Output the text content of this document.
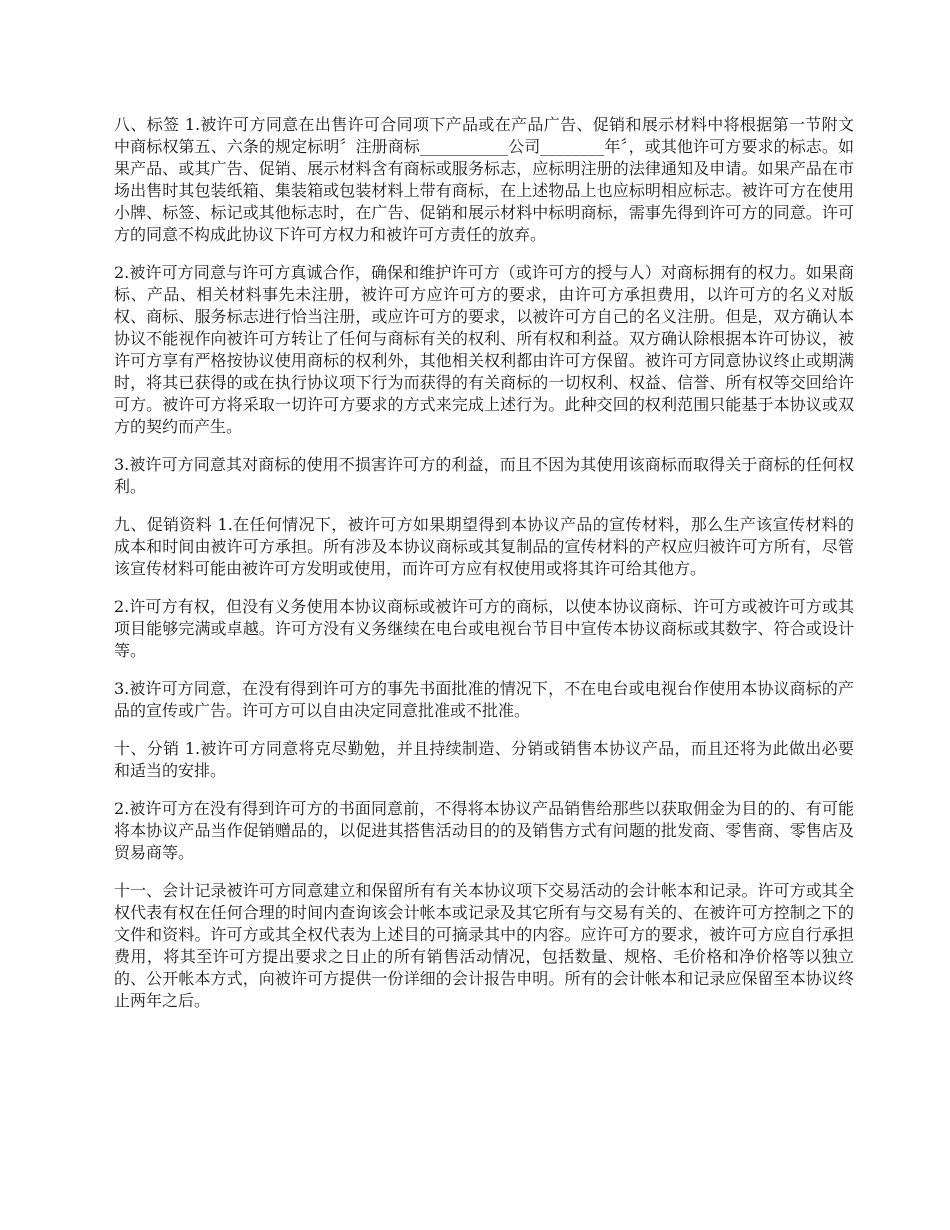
八、标签 1.被许可方同意在出售许可合同项下产品或在产品广告、促销和展示材料中将根据第一节附文中商标权第五、六条的规定标明〞注册商标___________公司________年〞，或其他许可方要求的标志。如果产品、或其广告、促销、展示材料含有商标或服务标志，应标明注册的法律通知及申请。如果产品在市场出售时其包装纸箱、集装箱或包装材料上带有商标，在上述物品上也应标明相应标志。被许可方在使用小牌、标签、标记或其他标志时，在广告、促销和展示材料中标明商标，需事先得到许可方的同意。许可方的同意不构成此协议下许可方权力和被许可方责任的放弃。

2.被许可方同意与许可方真诚合作，确保和维护许可方（或许可方的授与人）对商标拥有的权力。如果商标、产品、相关材料事先未注册，被许可方应许可方的要求，由许可方承担费用，以许可方的名义对版权、商标、服务标志进行恰当注册，或应许可方的要求，以被许可方自己的名义注册。但是，双方确认本协议不能视作向被许可方转让了任何与商标有关的权利、所有权和利益。双方确认除根据本许可协议，被许可方享有严格按协议使用商标的权利外，其他相关权利都由许可方保留。被许可方同意协议终止或期满时，将其已获得的或在执行协议项下行为而获得的有关商标的一切权利、权益、信誉、所有权等交回给许可方。被许可方将采取一切许可方要求的方式来完成上述行为。此种交回的权利范围只能基于本协议或双方的契约而产生。

3.被许可方同意其对商标的使用不损害许可方的利益，而且不因为其使用该商标而取得关于商标的任何权利。

九、促销资料 1.在任何情况下，被许可方如果期望得到本协议产品的宣传材料，那么生产该宣传材料的成本和时间由被许可方承担。所有涉及本协议商标或其复制品的宣传材料的产权应归被许可方所有，尽管该宣传材料可能由被许可方发明或使用，而许可方应有权使用或将其许可给其他方。

2.许可方有权，但没有义务使用本协议商标或被许可方的商标，以使本协议商标、许可方或被许可方或其项目能够完满或卓越。许可方没有义务继续在电台或电视台节目中宣传本协议商标或其数字、符合或设计等。

3.被许可方同意，在没有得到许可方的事先书面批准的情况下，不在电台或电视台作使用本协议商标的产品的宣传或广告。许可方可以自由决定同意批准或不批准。

十、分销 1.被许可方同意将克尽勤勉，并且持续制造、分销或销售本协议产品，而且还将为此做出必要和适当的安排。

2.被许可方在没有得到许可方的书面同意前，不得将本协议产品销售给那些以获取佣金为目的的、有可能将本协议产品当作促销赠品的，以促进其搭售活动目的的及销售方式有问题的批发商、零售商、零售店及贸易商等。

十一、会计记录被许可方同意建立和保留所有有关本协议项下交易活动的会计帐本和记录。许可方或其全权代表有权在任何合理的时间内查询该会计帐本或记录及其它所有与交易有关的、在被许可方控制之下的文件和资料。许可方或其全权代表为上述目的可摘录其中的内容。应许可方的要求，被许可方应自行承担费用，将其至许可方提出要求之日止的所有销售活动情况，包括数量、规格、毛价格和净价格等以独立的、公开帐本方式，向被许可方提供一份详细的会计报告申明。所有的会计帐本和记录应保留至本协议终止两年之后。
